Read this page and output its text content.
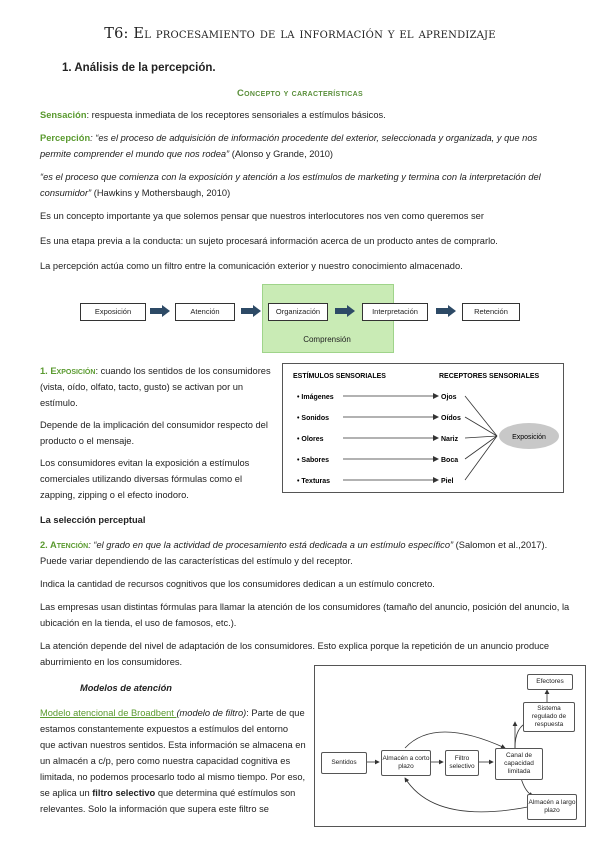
T6: El procesamiento de la información y el aprendizaje
1. Análisis de la percepción.
Concepto y características

Sensación: respuesta inmediata de los receptores sensoriales a estímulos básicos.

Percepción: “es el proceso de adquisición de información procedente del exterior, seleccionada y organizada, y que nos permite comprender el mundo que nos rodea” (Alonso y Grande, 2010)

“es el proceso que comienza con la exposición y atención a los estímulos de marketing y termina con la interpretación del consumidor” (Hawkins y Mothersbaugh, 2010)

Es un concepto importante ya que solemos pensar que nuestros interlocutores nos ven como queremos ser

Es una etapa previa a la conducta: un sujeto procesará información acerca de un producto antes de comprarlo.

La percepción actúa como un filtro entre la comunicación exterior y nuestro conocimiento almacenado.

Comprensión
Exposición	Atención	Organización	Interpretación	Retención

1. Exposición: cuando los sentidos de los consumidores (vista, oído, olfato, tacto, gusto) se activan por un estímulo.

Depende de la implicación del consumidor respecto del producto o el mensaje.

Los consumidores evitan la exposición a estímulos comerciales utilizando diversas fórmulas como el zapping, zipping o el efecto inodoro.

ESTÍMULOS SENSORIALES	RECEPTORES SENSORIALES
• Imágenes	Ojos
• Sonidos	Oídos
• Olores	Nariz
• Sabores	Boca
• Texturas	Piel
Exposición

La selección perceptual

2. Atención: “el grado en que la actividad de procesamiento está dedicada a un estímulo específico” (Salomon et al.,2017). Puede variar dependiendo de las características del estímulo y del receptor.

Indica la cantidad de recursos cognitivos que los consumidores dedican a un estímulo concreto.

Las empresas usan distintas fórmulas para llamar la atención de los consumidores (tamaño del anuncio, posición del anuncio, la ubicación en la tienda, el uso de famosos, etc.).

La atención depende del nivel de adaptación de los consumidores. Esto explica porque la repetición de un anuncio produce aburrimiento en los consumidores.

Modelos de atención

Modelo atencional de Broadbent (modelo de filtro): Parte de que estamos constantemente expuestos a estímulos del entorno que activan nuestros sentidos. Esta información se almacena en un almacén a c/p, pero como nuestra capacidad cognitiva es limitada, no podemos procesarlo todo al mismo tiempo. Por eso, se aplica un filtro selectivo que determina qué estímulos son relevantes. Solo la información que supera este filtro se

Sentidos
Almacén a corto plazo
Filtro selectivo
Canal de capacidad limitada
Sistema regulado de respuesta
Efectores
Almacén a largo plazo
